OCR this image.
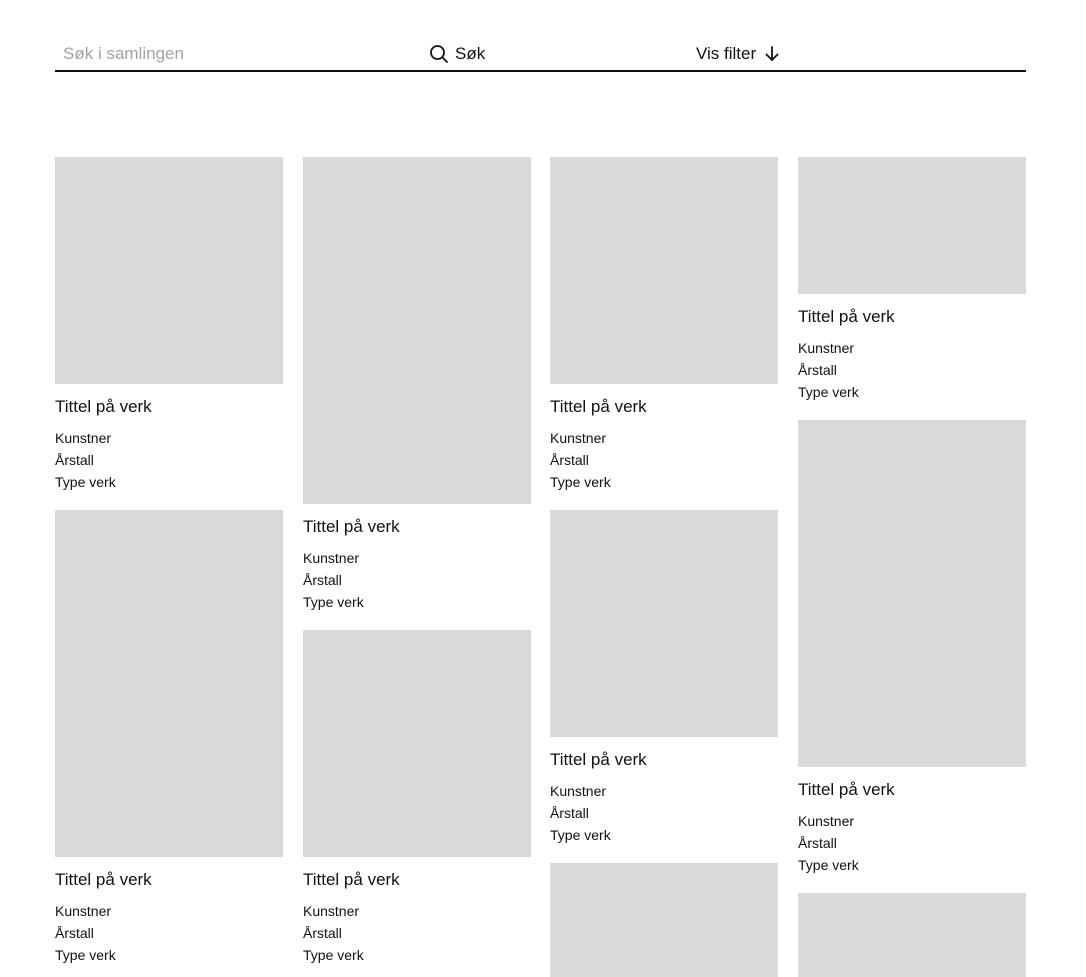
Søk i samlingen
Søk	Vis filter
Tittel på verk
Kunstner
Årstall
Type verk
Tittel på verk
Kunstner
Årstall
Type verk
Tittel på verk
Kunstner
Årstall
Type verk
Tittel på verk
Kunstner
Årstall
Type verk
Tittel på verk
Kunstner
Årstall
Type verk
Tittel på verk
Kunstner
Årstall
Type verk
Tittel på verk
Kunstner
Årstall
Type verk
Tittel på verk
Kunstner
Årstall
Type verk
